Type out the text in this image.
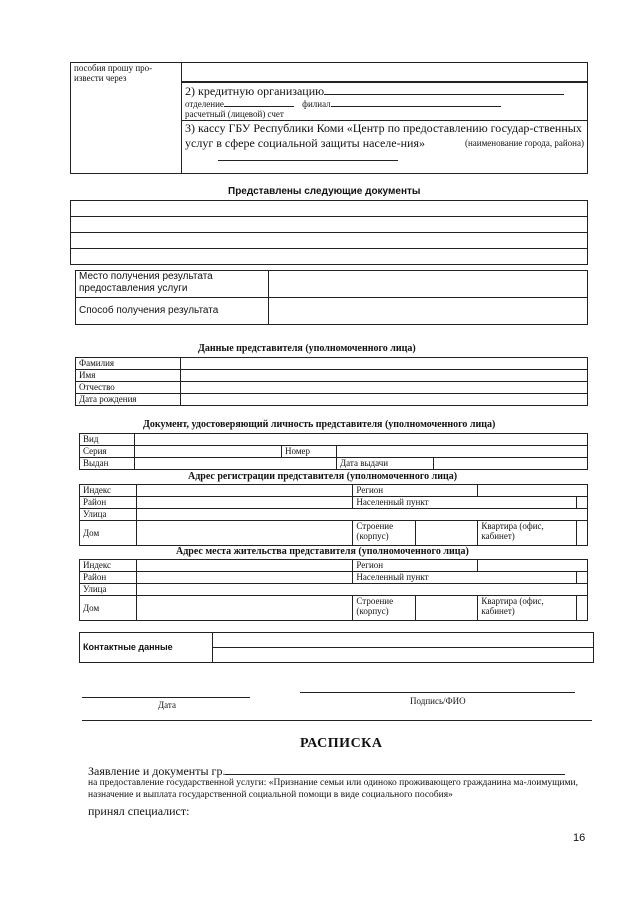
пособия прошу про-извести через	

2) кредитную организацию
отделение	филиал
расчетный (лицевой) счет

3) кассу ГБУ Республики Коми «Центр по предоставлению государ-ственных услуг в сфере социальной защиты населе-ния»	(наименование города, района)
Представлены следующие документы

Место получения результата предоставления услуги	
Способ получения результата	
Данные представителя (уполномоченного лица)
Фамилия	
Имя	
Отчество	
Дата рождения	
Документ, удостоверяющий личность представителя (уполномоченного лица)
Вид				
Серия		Номер		
Выдан			Дата выдачи	
Адрес регистрации представителя (уполномоченного лица)
Индекс		Регион			
Район		Населенный пункт			
Улица					
Дом		Строение (корпус)		Квартира (офис, кабинет)	
Адрес места жительства представителя (уполномоченного лица)
Индекс		Регион			
Район		Населенный пункт			
Улица					
Дом		Строение (корпус)		Квартира (офис, кабинет)	
Контактные данные	

Дата	Подпись/ФИО
РАСПИСКА
Заявление и документы гр.
на предоставление государственной услуги: «Признание семьи или одиноко проживающего гражданина ма-лоимущими, назначение и выплата государственной социальной помощи в виде социального пособия»
принял специалист:
16
